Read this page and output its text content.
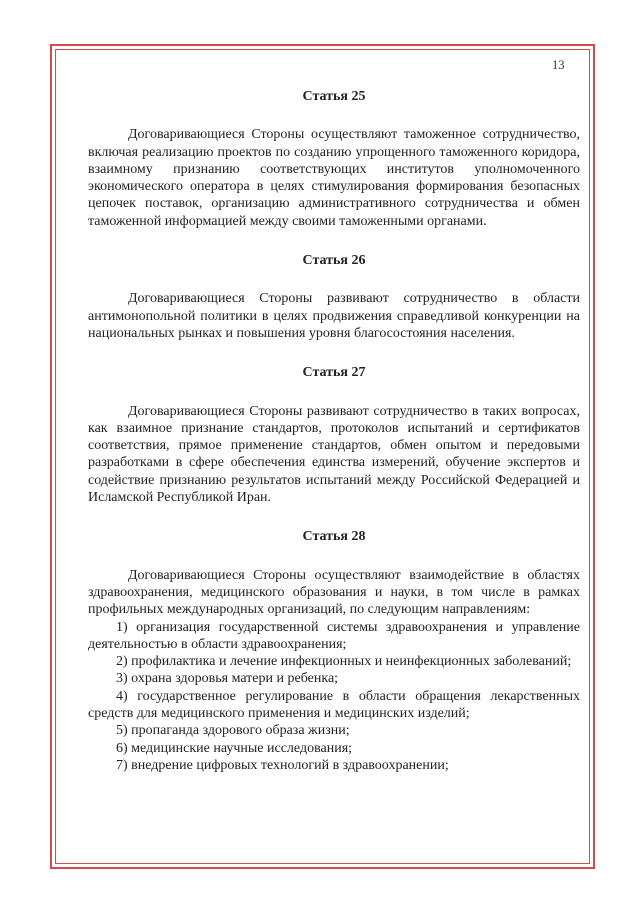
13

Статья 25

Договаривающиеся Стороны осуществляют таможенное сотрудничество, включая реализацию проектов по созданию упрощенного таможенного коридора, взаимному признанию соответствующих институтов уполномоченного экономического оператора в целях стимулирования формирования безопасных цепочек поставок, организацию административного сотрудничества и обмен таможенной информацией между своими таможенными органами.

Статья 26

Договаривающиеся Стороны развивают сотрудничество в области антимонопольной политики в целях продвижения справедливой конкуренции на национальных рынках и повышения уровня благосостояния населения.

Статья 27

Договаривающиеся Стороны развивают сотрудничество в таких вопросах, как взаимное признание стандартов, протоколов испытаний и сертификатов соответствия, прямое применение стандартов, обмен опытом и передовыми разработками в сфере обеспечения единства измерений, обучение экспертов и содействие признанию результатов испытаний между Российской Федерацией и Исламской Республикой Иран.

Статья 28

Договаривающиеся Стороны осуществляют взаимодействие в областях здравоохранения, медицинского образования и науки, в том числе в рамках профильных международных организаций, по следующим направлениям:

1) организация государственной системы здравоохранения и управление деятельностью в области здравоохранения;

2) профилактика и лечение инфекционных и неинфекционных заболеваний;

3) охрана здоровья матери и ребенка;

4) государственное регулирование в области обращения лекарственных средств для медицинского применения и медицинских изделий;

5) пропаганда здорового образа жизни;

6) медицинские научные исследования;

7) внедрение цифровых технологий в здравоохранении;
